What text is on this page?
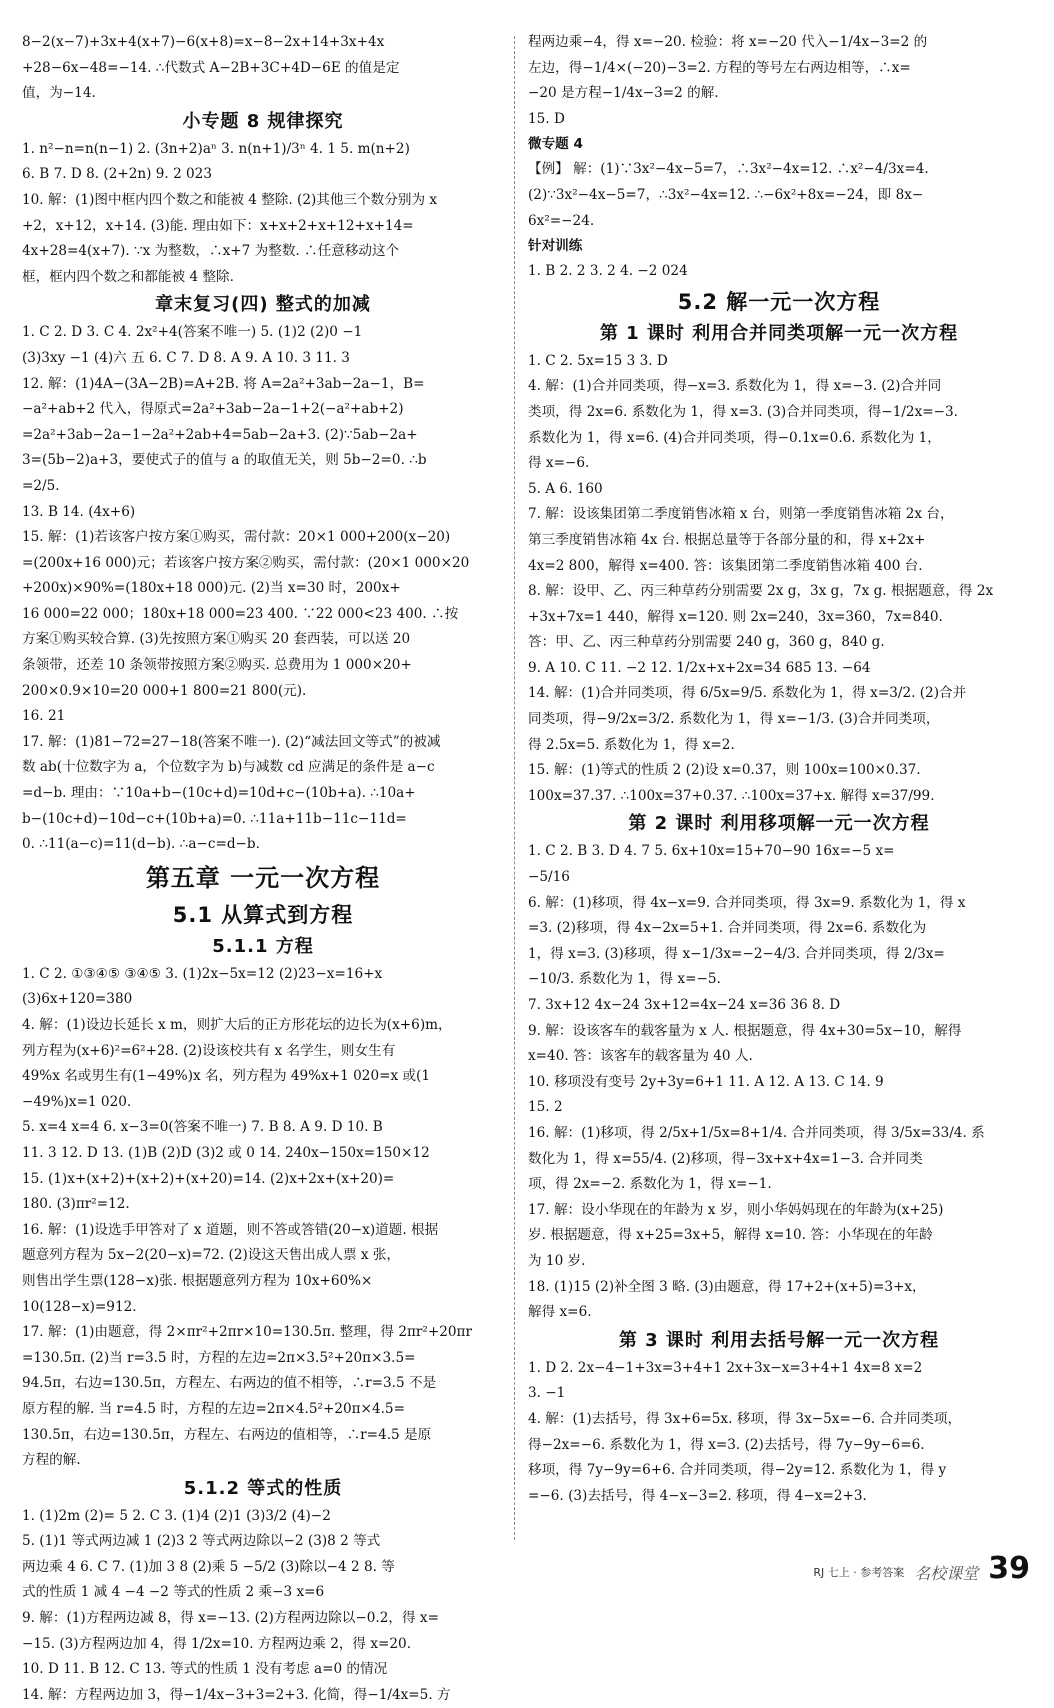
8−2(x−7)+3x+4(x+7)−6(x+8)=x−8−2x+14+3x+4x
+28−6x−48=−14. ∴代数式 A−2B+3C+4D−6E 的值是定
值，为−14.
小专题 8 规律探究
1. n²−n=n(n−1) 2. (3n+2)aⁿ 3. n(n+1)/3ⁿ 4. 1 5. m(n+2)
6. B 7. D 8. (2+2n) 9. 2 023
10. 解：(1)图中框内四个数之和能被 4 整除. (2)其他三个数分别为 x
+2，x+12，x+14. (3)能. 理由如下：x+x+2+x+12+x+14=
4x+28=4(x+7). ∵x 为整数，∴x+7 为整数. ∴任意移动这个
框，框内四个数之和都能被 4 整除.
章末复习(四) 整式的加减
1. C 2. D 3. C 4. 2x²+4(答案不唯一) 5. (1)2 (2)0 −1
(3)3xy −1 (4)六 五 6. C 7. D 8. A 9. A 10. 3 11. 3
12. 解：(1)4A−(3A−2B)=A+2B. 将 A=2a²+3ab−2a−1，B=
−a²+ab+2 代入，得原式=2a²+3ab−2a−1+2(−a²+ab+2)
=2a²+3ab−2a−1−2a²+2ab+4=5ab−2a+3. (2)∵5ab−2a+
3=(5b−2)a+3，要使式子的值与 a 的取值无关，则 5b−2=0. ∴b
=2/5.
13. B 14. (4x+6)
15. 解：(1)若该客户按方案①购买，需付款：20×1 000+200(x−20)
=(200x+16 000)元；若该客户按方案②购买，需付款：(20×1 000×20
+200x)×90%=(180x+18 000)元. (2)当 x=30 时，200x+
16 000=22 000；180x+18 000=23 400. ∵22 000<23 400. ∴按
方案①购买较合算. (3)先按照方案①购买 20 套西装，可以送 20
条领带，还差 10 条领带按照方案②购买. 总费用为 1 000×20+
200×0.9×10=20 000+1 800=21 800(元).
16. 21
17. 解：(1)81−72=27−18(答案不唯一). (2)“减法回文等式”的被减
数 ab(十位数字为 a，个位数字为 b)与减数 cd 应满足的条件是 a−c
=d−b. 理由：∵10a+b−(10c+d)=10d+c−(10b+a). ∴10a+
b−(10c+d)−10d−c+(10b+a)=0. ∴11a+11b−11c−11d=
0. ∴11(a−c)=11(d−b). ∴a−c=d−b.
第五章 一元一次方程
5.1 从算式到方程
5.1.1 方程
1. C 2. ①③④⑤ ③④⑤ 3. (1)2x−5x=12 (2)23−x=16+x
(3)6x+120=380
4. 解：(1)设边长延长 x m，则扩大后的正方形花坛的边长为(x+6)m，
列方程为(x+6)²=6²+28. (2)设该校共有 x 名学生，则女生有
49%x 名或男生有(1−49%)x 名，列方程为 49%x+1 020=x 或(1
−49%)x=1 020.
5. x=4 x=4 6. x−3=0(答案不唯一) 7. B 8. A 9. D 10. B
11. 3 12. D 13. (1)B (2)D (3)2 或 0 14. 240x−150x=150×12
15. (1)x+(x+2)+(x+2)+(x+20)=14. (2)x+2x+(x+20)=
180. (3)πr²=12.
16. 解：(1)设选手甲答对了 x 道题，则不答或答错(20−x)道题. 根据
题意列方程为 5x−2(20−x)=72. (2)设这天售出成人票 x 张，
则售出学生票(128−x)张. 根据题意列方程为 10x+60%×
10(128−x)=912.
17. 解：(1)由题意，得 2×πr²+2πr×10=130.5π. 整理，得 2πr²+20πr
=130.5π. (2)当 r=3.5 时，方程的左边=2π×3.5²+20π×3.5=
94.5π，右边=130.5π，方程左、右两边的值不相等，∴r=3.5 不是
原方程的解. 当 r=4.5 时，方程的左边=2π×4.5²+20π×4.5=
130.5π，右边=130.5π，方程左、右两边的值相等，∴r=4.5 是原
方程的解.
5.1.2 等式的性质
1. (1)2m (2)= 5 2. C 3. (1)4 (2)1 (3)3/2 (4)−2
5. (1)1 等式两边减 1 (2)3 2 等式两边除以−2 (3)8 2 等式
两边乘 4 6. C 7. (1)加 3 8 (2)乘 5 −5/2 (3)除以−4 2 8. 等
式的性质 1 减 4 −4 −2 等式的性质 2 乘−3 x=6
9. 解：(1)方程两边减 8，得 x=−13. (2)方程两边除以−0.2，得 x=
−15. (3)方程两边加 4，得 1/2x=10. 方程两边乘 2，得 x=20.
10. D 11. B 12. C 13. 等式的性质 1 没有考虑 a=0 的情况
14. 解：方程两边加 3，得−1/4x−3+3=2+3. 化简，得−1/4x=5. 方
程两边乘−4，得 x=−20. 检验：将 x=−20 代入−1/4x−3=2 的
左边，得−1/4×(−20)−3=2. 方程的等号左右两边相等，∴x=
−20 是方程−1/4x−3=2 的解.
15. D
微专题 4
【例】 解：(1)∵3x²−4x−5=7，∴3x²−4x=12. ∴x²−4/3x=4.
(2)∵3x²−4x−5=7，∴3x²−4x=12. ∴−6x²+8x=−24，即 8x−
6x²=−24.
针对训练
1. B 2. 2 3. 2 4. −2 024
5.2 解一元一次方程
第 1 课时 利用合并同类项解一元一次方程
1. C 2. 5x=15 3 3. D
4. 解：(1)合并同类项，得−x=3. 系数化为 1，得 x=−3. (2)合并同
类项，得 2x=6. 系数化为 1，得 x=3. (3)合并同类项，得−1/2x=−3.
系数化为 1，得 x=6. (4)合并同类项，得−0.1x=0.6. 系数化为 1，
得 x=−6.
5. A 6. 160
7. 解：设该集团第二季度销售冰箱 x 台，则第一季度销售冰箱 2x 台，
第三季度销售冰箱 4x 台. 根据总量等于各部分量的和，得 x+2x+
4x=2 800，解得 x=400. 答：该集团第二季度销售冰箱 400 台.
8. 解：设甲、乙、丙三种草药分别需要 2x g，3x g，7x g. 根据题意，得 2x
+3x+7x=1 440，解得 x=120. 则 2x=240，3x=360，7x=840.
答：甲、乙、丙三种草药分别需要 240 g，360 g，840 g.
9. A 10. C 11. −2 12. 1/2x+x+2x=34 685 13. −64
14. 解：(1)合并同类项，得 6/5x=9/5. 系数化为 1，得 x=3/2. (2)合并
同类项，得−9/2x=3/2. 系数化为 1，得 x=−1/3. (3)合并同类项，
得 2.5x=5. 系数化为 1，得 x=2.
15. 解：(1)等式的性质 2 (2)设 x=0.37，则 100x=100×0.37.
100x=37.37. ∴100x=37+0.37. ∴100x=37+x. 解得 x=37/99.
第 2 课时 利用移项解一元一次方程
1. C 2. B 3. D 4. 7 5. 6x+10x=15+70−90 16x=−5 x=
−5/16
6. 解：(1)移项，得 4x−x=9. 合并同类项，得 3x=9. 系数化为 1，得 x
=3. (2)移项，得 4x−2x=5+1. 合并同类项，得 2x=6. 系数化为
1，得 x=3. (3)移项，得 x−1/3x=−2−4/3. 合并同类项，得 2/3x=
−10/3. 系数化为 1，得 x=−5.
7. 3x+12 4x−24 3x+12=4x−24 x=36 36 8. D
9. 解：设该客车的载客量为 x 人. 根据题意，得 4x+30=5x−10，解得
x=40. 答：该客车的载客量为 40 人.
10. 移项没有变号 2y+3y=6+1 11. A 12. A 13. C 14. 9
15. 2
16. 解：(1)移项，得 2/5x+1/5x=8+1/4. 合并同类项，得 3/5x=33/4. 系
数化为 1，得 x=55/4. (2)移项，得−3x+x+4x=1−3. 合并同类
项，得 2x=−2. 系数化为 1，得 x=−1.
17. 解：设小华现在的年龄为 x 岁，则小华妈妈现在的年龄为(x+25)
岁. 根据题意，得 x+25=3x+5，解得 x=10. 答：小华现在的年龄
为 10 岁.
18. (1)15 (2)补全图 3 略. (3)由题意，得 17+2+(x+5)=3+x，
解得 x=6.
第 3 课时 利用去括号解一元一次方程
1. D 2. 2x−4−1+3x=3+4+1 2x+3x−x=3+4+1 4x=8 x=2
3. −1
4. 解：(1)去括号，得 3x+6=5x. 移项，得 3x−5x=−6. 合并同类项，
得−2x=−6. 系数化为 1，得 x=3. (2)去括号，得 7y−9y−6=6.
移项，得 7y−9y=6+6. 合并同类项，得−2y=12. 系数化为 1，得 y
=−6. (3)去括号，得 4−x−3=2. 移项，得 4−x=2+3.
RJ 七上 · 参考答案 名校课堂 39
